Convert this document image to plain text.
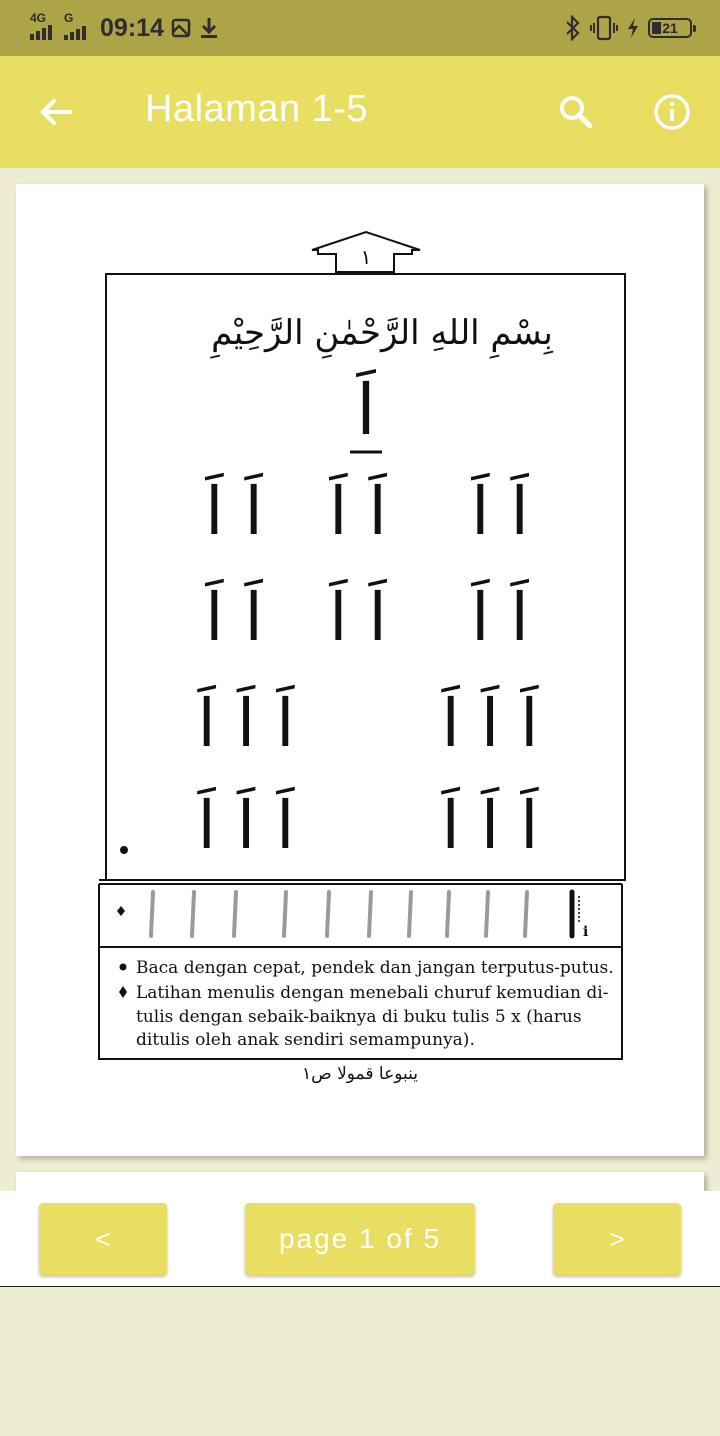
4G G 09:14	21
Halaman 1-5
١
بِسْمِ اللهِ الرَّحْمٰنِ الرَّحِيْمِ
اَ
اَ اَ اَ اَ اَ اَ
اَ اَ اَ اَ اَ اَ
اَ اَ اَ اَ اَ اَ
اَ اَ اَ اَ اَ اَ
i
Baca dengan cepat, pendek dan jangan terputus-putus.
Latihan menulis dengan menebali churuf kemudian di-
tulis dengan sebaik-baiknya di buku tulis 5 x (harus
ditulis oleh anak sendiri semampunya).
ينبوعا قمولا ص١
<	page 1 of 5	>
